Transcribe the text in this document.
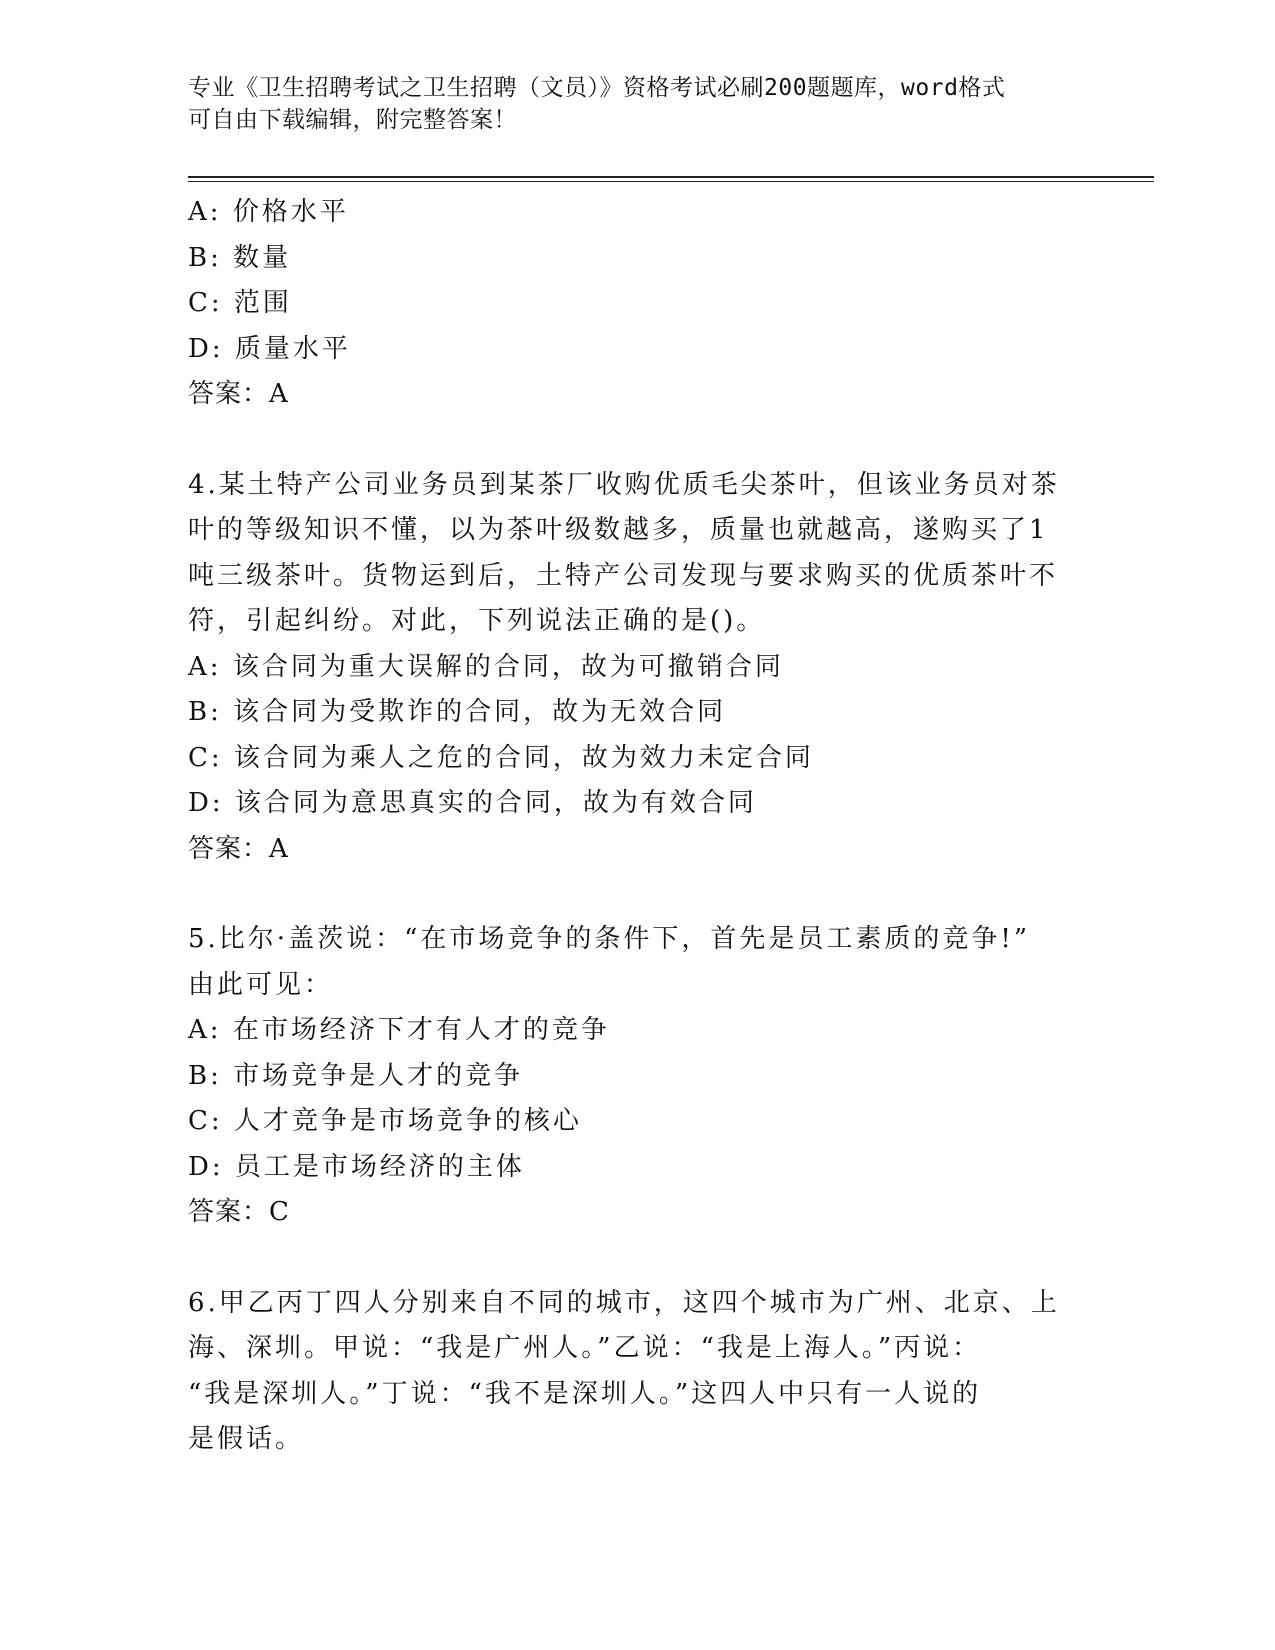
专业《卫生招聘考试之卫生招聘（文员）》资格考试必刷200题题库，word格式
可自由下载编辑，附完整答案！
A: 价格水平
B: 数量
C: 范围
D: 质量水平
答案：A
4.某土特产公司业务员到某茶厂收购优质毛尖茶叶，但该业务员对茶
叶的等级知识不懂，以为茶叶级数越多，质量也就越高，遂购买了1
吨三级茶叶。货物运到后，土特产公司发现与要求购买的优质茶叶不
符，引起纠纷。对此，下列说法正确的是()。
A: 该合同为重大误解的合同，故为可撤销合同
B: 该合同为受欺诈的合同，故为无效合同
C: 该合同为乘人之危的合同，故为效力未定合同
D: 该合同为意思真实的合同，故为有效合同
答案：A
5.比尔·盖茨说：“在市场竞争的条件下，首先是员工素质的竞争!”
由此可见：
A: 在市场经济下才有人才的竞争
B: 市场竞争是人才的竞争
C: 人才竞争是市场竞争的核心
D: 员工是市场经济的主体
答案：C
6.甲乙丙丁四人分别来自不同的城市，这四个城市为广州、北京、上
海、深圳。甲说：“我是广州人。”乙说：“我是上海人。”丙说：
“我是深圳人。”丁说：“我不是深圳人。”这四人中只有一人说的
是假话。
